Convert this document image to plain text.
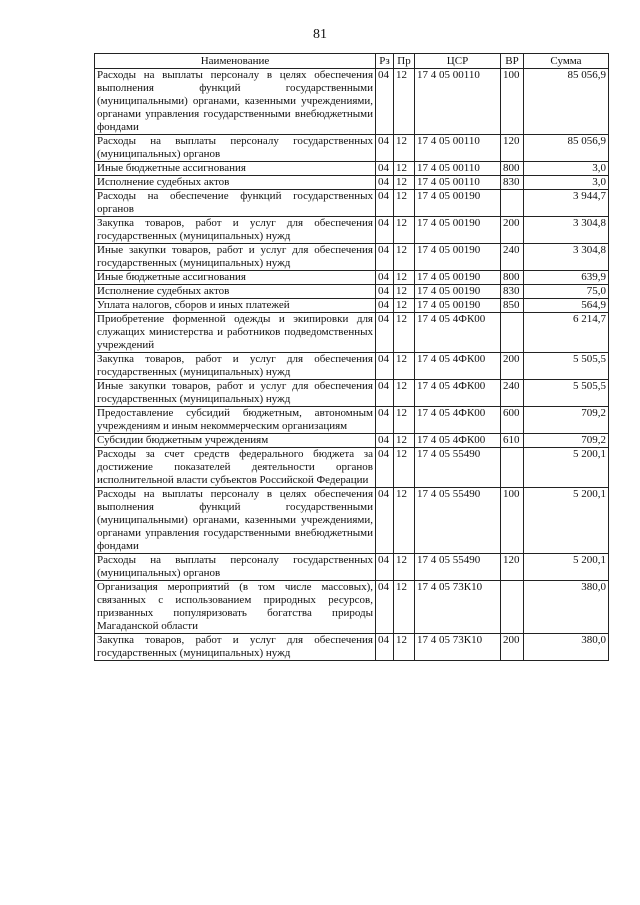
81
Наименование	Рз	Пр	ЦСР	ВР	Сумма
Расходы на выплаты персоналу в целях обеспечения выполнения функций государственными (муниципальными) органами, казенными учреждениями, органами управления государственными внебюджетными фондами	04	12	17 4 05 00110	100	85 056,9
Расходы на выплаты персоналу государственных (муниципальных) органов	04	12	17 4 05 00110	120	85 056,9
Иные бюджетные ассигнования	04	12	17 4 05 00110	800	3,0
Исполнение судебных актов	04	12	17 4 05 00110	830	3,0
Расходы на обеспечение функций государственных органов	04	12	17 4 05 00190		3 944,7
Закупка товаров, работ и услуг для обеспечения государственных (муниципальных) нужд	04	12	17 4 05 00190	200	3 304,8
Иные закупки товаров, работ и услуг для обеспечения государственных (муниципальных) нужд	04	12	17 4 05 00190	240	3 304,8
Иные бюджетные ассигнования	04	12	17 4 05 00190	800	639,9
Исполнение судебных актов	04	12	17 4 05 00190	830	75,0
Уплата налогов, сборов и иных платежей	04	12	17 4 05 00190	850	564,9
Приобретение форменной одежды и экипировки для служащих министерства и работников подведомственных учреждений	04	12	17 4 05 4ФК00		6 214,7
Закупка товаров, работ и услуг для обеспечения государственных (муниципальных) нужд	04	12	17 4 05 4ФК00	200	5 505,5
Иные закупки товаров, работ и услуг для обеспечения государственных (муниципальных) нужд	04	12	17 4 05 4ФК00	240	5 505,5
Предоставление субсидий бюджетным, автономным учреждениям и иным некоммерческим организациям	04	12	17 4 05 4ФК00	600	709,2
Субсидии бюджетным учреждениям	04	12	17 4 05 4ФК00	610	709,2
Расходы за счет средств федерального бюджета за достижение показателей деятельности органов исполнительной власти субъектов Российской Федерации	04	12	17 4 05 55490		5 200,1
Расходы на выплаты персоналу в целях обеспечения выполнения функций государственными (муниципальными) органами, казенными учреждениями, органами управления государственными внебюджетными фондами	04	12	17 4 05 55490	100	5 200,1
Расходы на выплаты персоналу государственных (муниципальных) органов	04	12	17 4 05 55490	120	5 200,1
Организация мероприятий (в том числе массовых), связанных с использованием природных ресурсов, призванных популяризовать богатства природы Магаданской области	04	12	17 4 05 73К10		380,0
Закупка товаров, работ и услуг для обеспечения государственных (муниципальных) нужд	04	12	17 4 05 73К10	200	380,0
